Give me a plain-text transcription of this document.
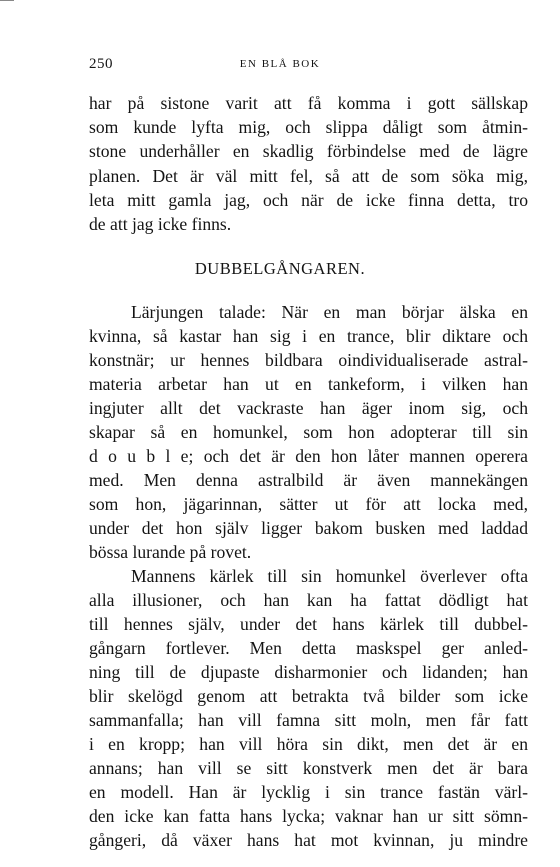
250	EN BLÅ BOK
har på sistone varit att få komma i gott sällskap
som kunde lyfta mig, och slippa dåligt som åtmin-
stone underhåller en skadlig förbindelse med de lägre
planen. Det är väl mitt fel, så att de som söka mig,
leta mitt gamla jag, och när de icke finna detta, tro
de att jag icke finns.
DUBBELGÅNGAREN.
Lärjungen talade: När en man börjar älska en
kvinna, så kastar han sig i en trance, blir diktare och
konstnär; ur hennes bildbara oindividualiserade astral-
materia arbetar han ut en tankeform, i vilken han
ingjuter allt det vackraste han äger inom sig, och
skapar så en homunkel, som hon adopterar till sin
d o u b l e; och det är den hon låter mannen operera
med. Men denna astralbild är även mannekängen
som hon, jägarinnan, sätter ut för att locka med,
under det hon själv ligger bakom busken med laddad
bössa lurande på rovet.
Mannens kärlek till sin homunkel överlever ofta
alla illusioner, och han kan ha fattat dödligt hat
till hennes själv, under det hans kärlek till dubbel-
gångarn fortlever. Men detta maskspel ger anled-
ning till de djupaste disharmonier och lidanden; han
blir skelögd genom att betrakta två bilder som icke
sammanfalla; han vill famna sitt moln, men får fatt
i en kropp; han vill höra sin dikt, men det är en
annans; han vill se sitt konstverk men det är bara
en modell. Han är lycklig i sin trance fastän värl-
den icke kan fatta hans lycka; vaknar han ur sitt sömn-
gångeri, då växer hans hat mot kvinnan, ju mindre
